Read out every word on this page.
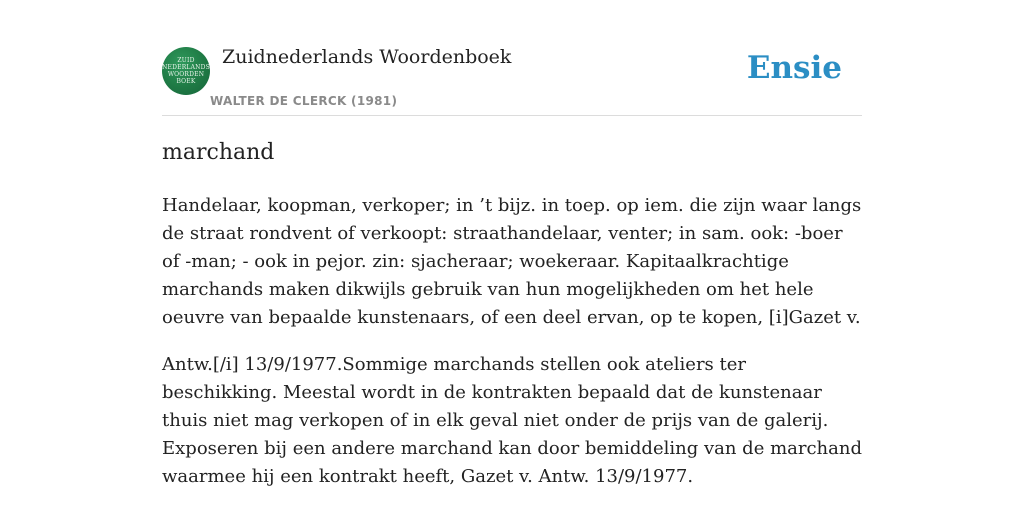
ZUID
NEDERLANDS
WOORDEN
BOEK
Zuidnederlands Woordenboek
WALTER DE CLERCK (1981)
Ensie
marchand

Handelaar, koopman, verkoper; in ’t bijz. in toep. op iem. die zijn waar langs de straat rondvent of verkoopt: straathandelaar, venter; in sam. ook: -boer of -man; - ook in pejor. zin: sjacheraar; woekeraar. Kapitaalkrachtige marchands maken dikwijls gebruik van hun mogelijkheden om het hele oeuvre van bepaalde kunstenaars, of een deel ervan, op te kopen, [i]Gazet v.

Antw.[/i] 13/9/1977.Sommige marchands stellen ook ateliers ter beschikking. Meestal wordt in de kontrakten bepaald dat de kunstenaar thuis niet mag verkopen of in elk geval niet onder de prijs van de galerij. Exposeren bij een andere marchand kan door bemiddeling van de marchand waarmee hij een kontrakt heeft, Gazet v. Antw. 13/9/1977.
